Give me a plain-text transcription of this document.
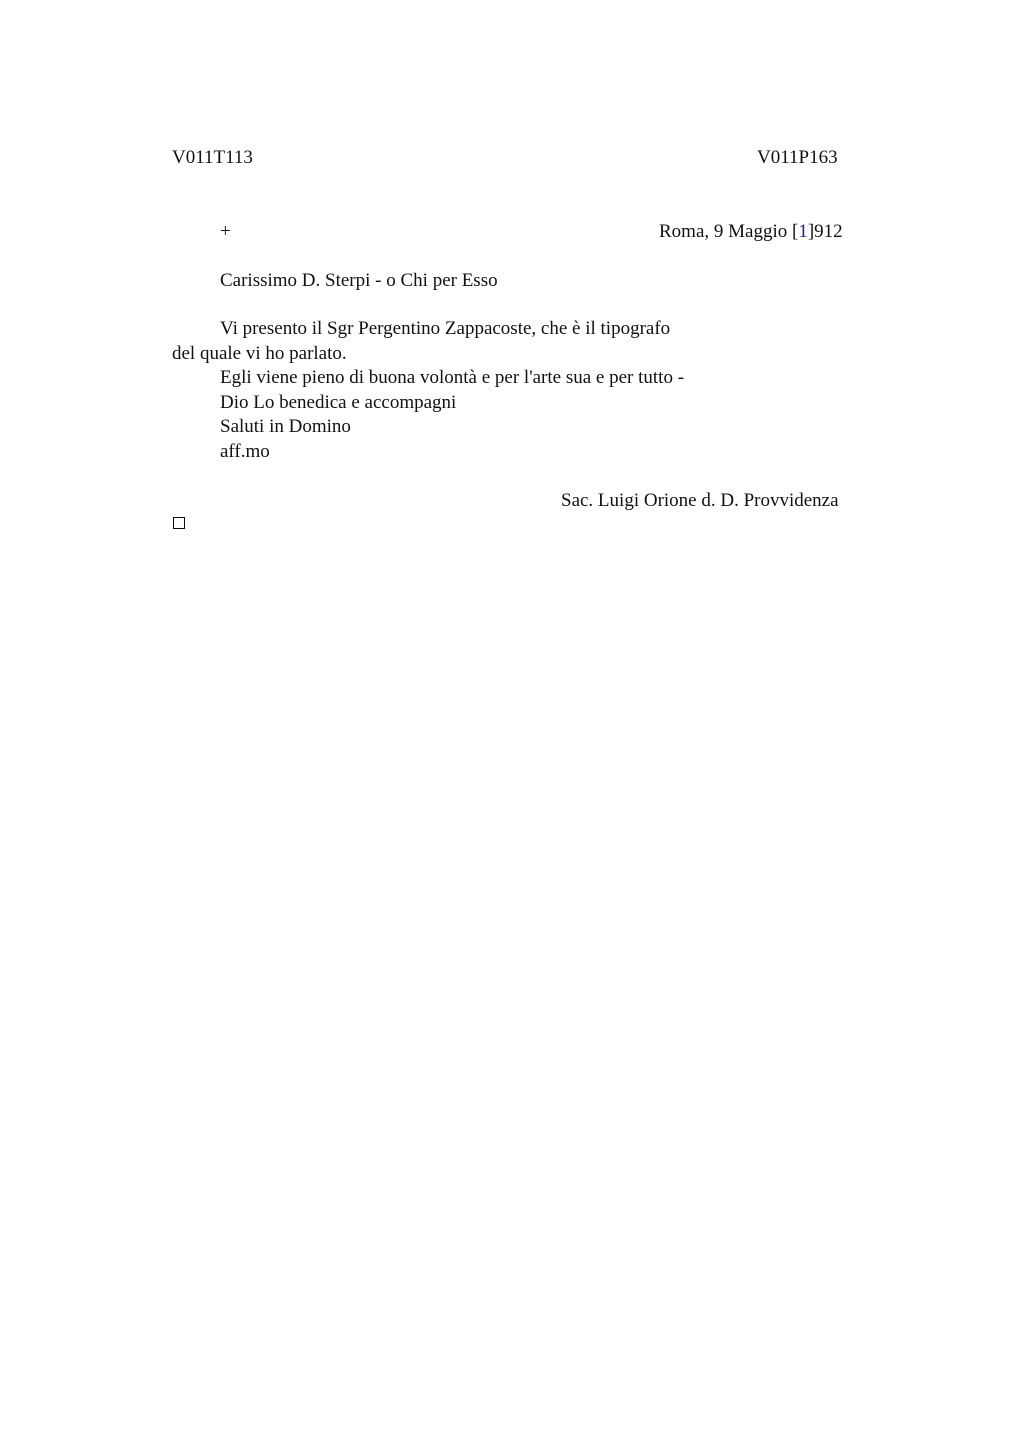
V011T113	V011P163
+	Roma, 9 Maggio [1]912
Carissimo D. Sterpi - o Chi per Esso
Vi presento il Sgr Pergentino Zappacoste, che è il tipografo
del quale vi ho parlato.
Egli viene pieno di buona volontà e per l'arte sua e per tutto -
Dio Lo benedica e accompagni
Saluti in Domino
aff.mo
Sac. Luigi Orione d. D. Provvidenza
